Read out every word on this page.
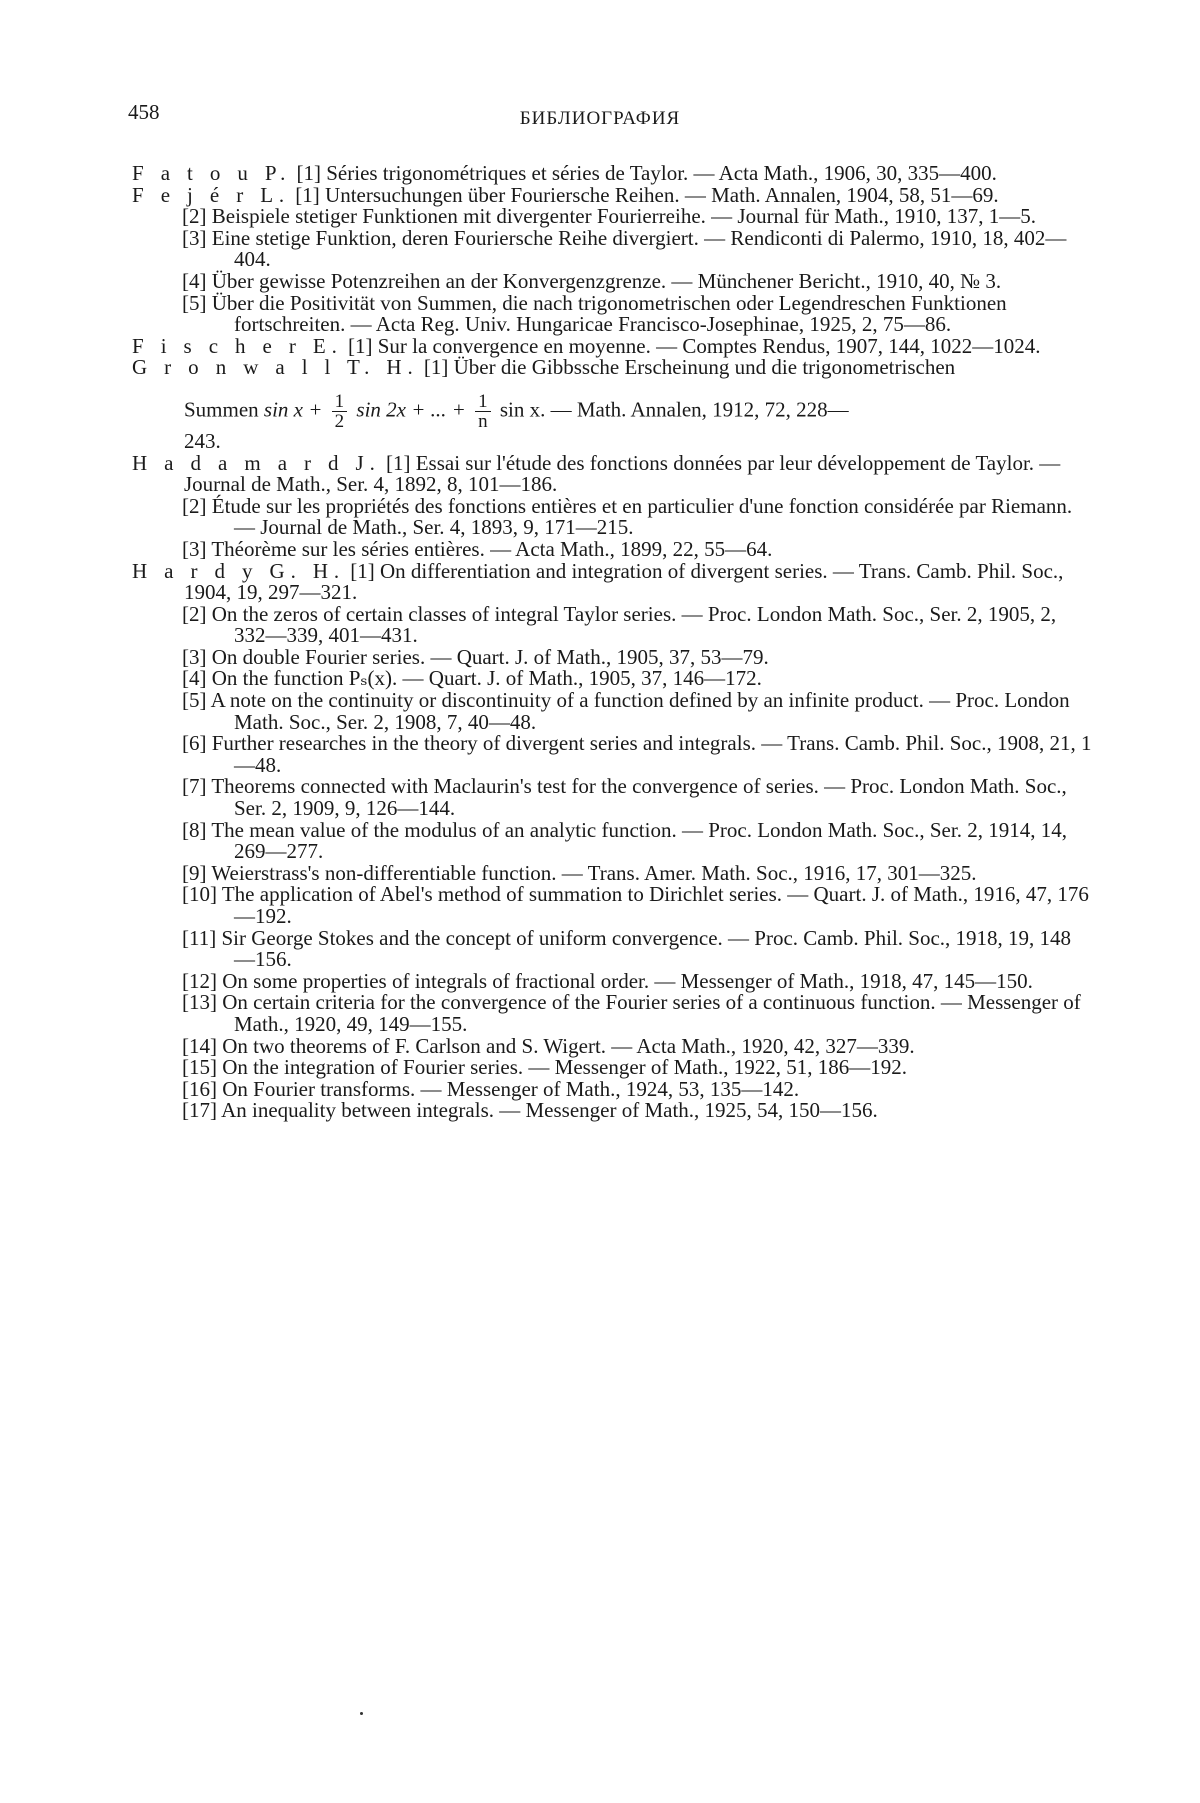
458	БИБЛИОГРАФИЯ
F a t o u P. [1] Séries trigonométriques et séries de Taylor. — Acta Math., 1906, 30, 335—400.
F e j é r L. [1] Untersuchungen über Fouriersche Reihen. — Math. Annalen, 1904, 58, 51—69.
[2] Beispiele stetiger Funktionen mit divergenter Fourierreihe. — Journal für Math., 1910, 137, 1—5.
[3] Eine stetige Funktion, deren Fouriersche Reihe divergiert. — Rendiconti di Palermo, 1910, 18, 402—404.
[4] Über gewisse Potenzreihen an der Konvergenzgrenze. — Münchener Bericht., 1910, 40, № 3.
[5] Über die Positivität von Summen, die nach trigonometrischen oder Legendreschen Funktionen fortschreiten. — Acta Reg. Univ. Hungaricae Francisco-Josephinae, 1925, 2, 75—86.
F i s c h e r E. [1] Sur la convergence en moyenne. — Comptes Rendus, 1907, 144, 1022—1024.
G r o n w a l l T. H. [1] Über die Gibbssche Erscheinung und die trigonometrischen
Summen $\sin x + \frac{1}{2}$ sin 2x + ... + $\frac{1}{n}$ sin x. — Math. Annalen, 1912, 72, 228—
243.
H a d a m a r d J. [1] Essai sur l'étude des fonctions données par leur développement de Taylor. — Journal de Math., Ser. 4, 1892, 8, 101—186.
[2] Étude sur les propriétés des fonctions entières et en particulier d'une fonction considérée par Riemann. — Journal de Math., Ser. 4, 1893, 9, 171—215.
[3] Théorème sur les séries entières. — Acta Math., 1899, 22, 55—64.
H a r d y G. H. [1] On differentiation and integration of divergent series. — Trans. Camb. Phil. Soc., 1904, 19, 297—321.
[2] On the zeros of certain classes of integral Taylor series. — Proc. London Math. Soc., Ser. 2, 1905, 2, 332—339, 401—431.
[3] On double Fourier series. — Quart. J. of Math., 1905, 37, 53—79.
[4] On the function Pₛ(x). — Quart. J. of Math., 1905, 37, 146—172.
[5] A note on the continuity or discontinuity of a function defined by an infinite product. — Proc. London Math. Soc., Ser. 2, 1908, 7, 40—48.
[6] Further researches in the theory of divergent series and integrals. — Trans. Camb. Phil. Soc., 1908, 21, 1—48.
[7] Theorems connected with Maclaurin's test for the convergence of series. — Proc. London Math. Soc., Ser. 2, 1909, 9, 126—144.
[8] The mean value of the modulus of an analytic function. — Proc. London Math. Soc., Ser. 2, 1914, 14, 269—277.
[9] Weierstrass's non-differentiable function. — Trans. Amer. Math. Soc., 1916, 17, 301—325.
[10] The application of Abel's method of summation to Dirichlet series. — Quart. J. of Math., 1916, 47, 176—192.
[11] Sir George Stokes and the concept of uniform convergence. — Proc. Camb. Phil. Soc., 1918, 19, 148—156.
[12] On some properties of integrals of fractional order. — Messenger of Math., 1918, 47, 145—150.
[13] On certain criteria for the convergence of the Fourier series of a continuous function. — Messenger of Math., 1920, 49, 149—155.
[14] On two theorems of F. Carlson and S. Wigert. — Acta Math., 1920, 42, 327—339.
[15] On the integration of Fourier series. — Messenger of Math., 1922, 51, 186—192.
[16] On Fourier transforms. — Messenger of Math., 1924, 53, 135—142.
[17] An inequality between integrals. — Messenger of Math., 1925, 54, 150—156.
